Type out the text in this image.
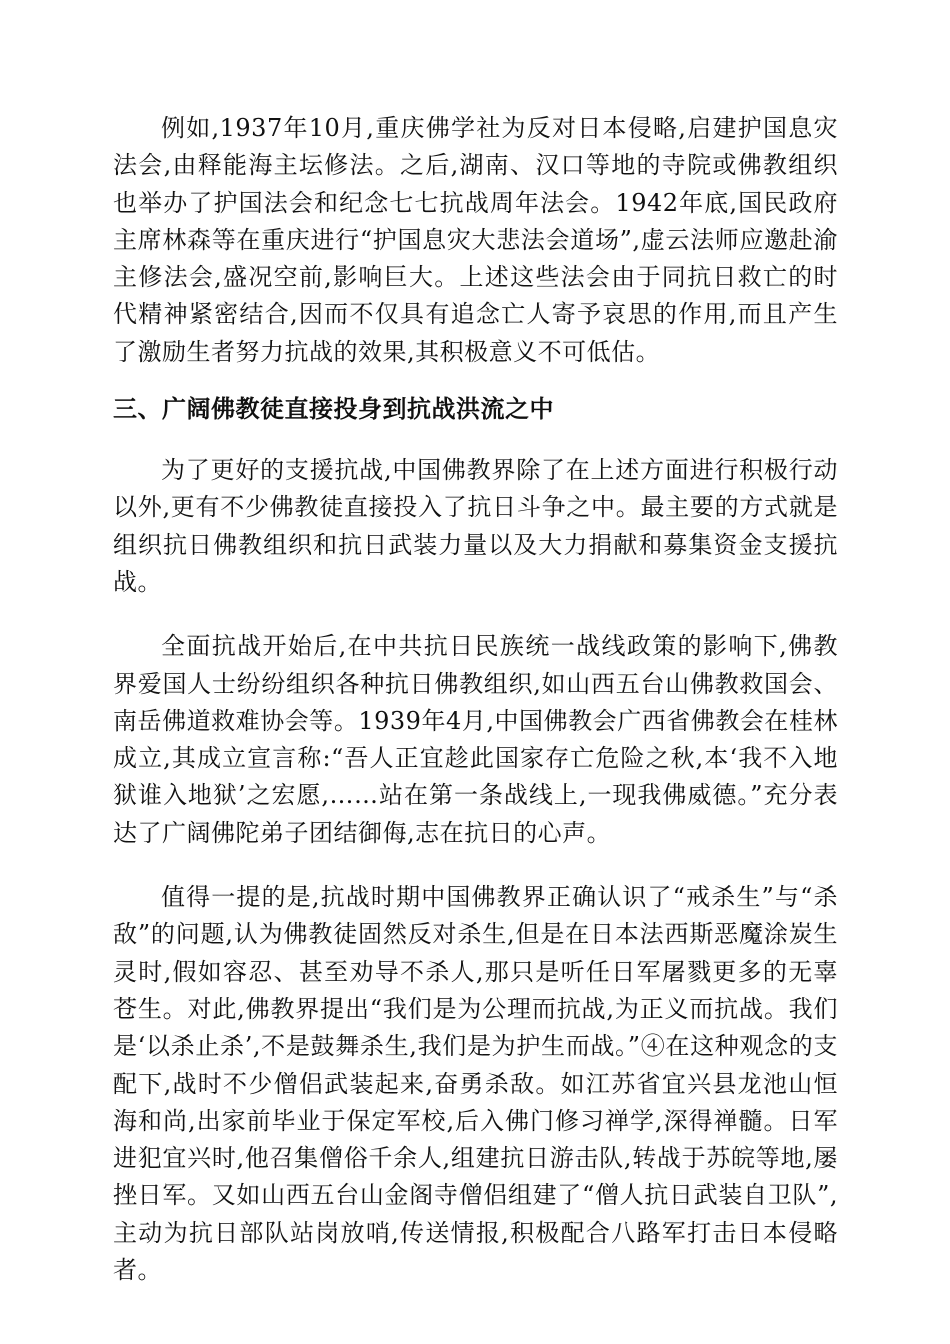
例如,1937年10月,重庆佛学社为反对日本侵略,启建护国息灾法会,由释能海主坛修法。之后,湖南、汉口等地的寺院或佛教组织也举办了护国法会和纪念七七抗战周年法会。1942年底,国民政府主席林森等在重庆进行“护国息灾大悲法会道场”,虚云法师应邀赴渝主修法会,盛况空前,影响巨大。上述这些法会由于同抗日救亡的时代精神紧密结合,因而不仅具有追念亡人寄予哀思的作用,而且产生了激励生者努力抗战的效果,其积极意义不可低估。

三、广阔佛教徒直接投身到抗战洪流之中

为了更好的支援抗战,中国佛教界除了在上述方面进行积极行动以外,更有不少佛教徒直接投入了抗日斗争之中。最主要的方式就是组织抗日佛教组织和抗日武装力量以及大力捐献和募集资金支援抗战。

全面抗战开始后,在中共抗日民族统一战线政策的影响下,佛教界爱国人士纷纷组织各种抗日佛教组织,如山西五台山佛教救国会、南岳佛道救难协会等。1939年4月,中国佛教会广西省佛教会在桂林成立,其成立宣言称:“吾人正宜趁此国家存亡危险之秋,本‘我不入地狱谁入地狱’之宏愿,……站在第一条战线上,一现我佛威德。”充分表达了广阔佛陀弟子团结御侮,志在抗日的心声。

值得一提的是,抗战时期中国佛教界正确认识了“戒杀生”与“杀敌”的问题,认为佛教徒固然反对杀生,但是在日本法西斯恶魔涂炭生灵时,假如容忍、甚至劝导不杀人,那只是听任日军屠戮更多的无辜苍生。对此,佛教界提出“我们是为公理而抗战,为正义而抗战。我们是‘以杀止杀’,不是鼓舞杀生,我们是为护生而战。”④在这种观念的支配下,战时不少僧侣武装起来,奋勇杀敌。如江苏省宜兴县龙池山恒海和尚,出家前毕业于保定军校,后入佛门修习禅学,深得禅髓。日军进犯宜兴时,他召集僧俗千余人,组建抗日游击队,转战于苏皖等地,屡挫日军。又如山西五台山金阁寺僧侣组建了“僧人抗日武装自卫队”,主动为抗日部队站岗放哨,传送情报,积极配合八路军打击日本侵略者。
